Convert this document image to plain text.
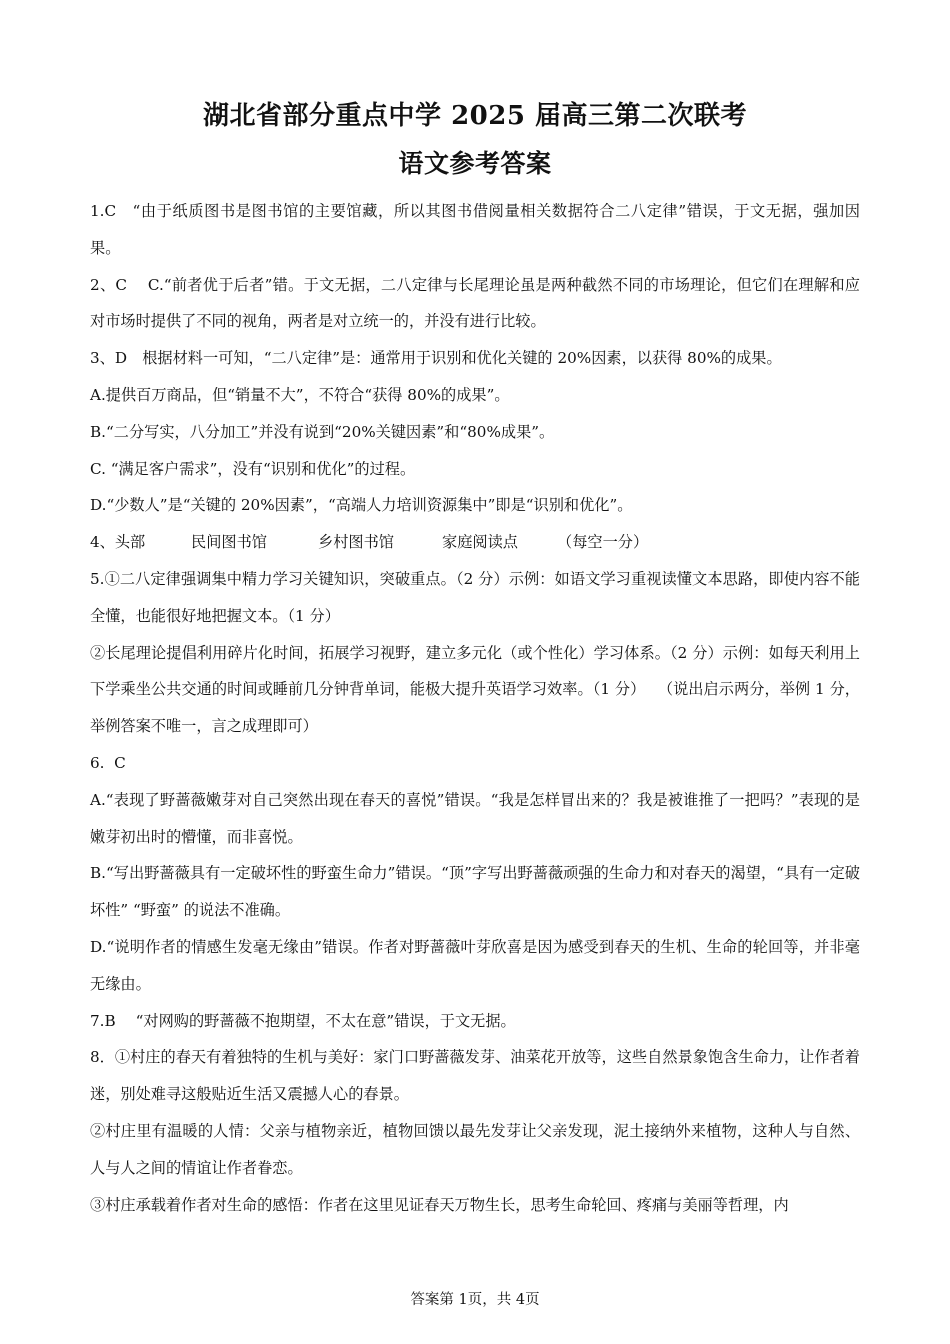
湖北省部分重点中学 2025 届高三第二次联考
语文参考答案

1.C　“由于纸质图书是图书馆的主要馆藏，所以其图书借阅量相关数据符合二八定律”错误，于文无据，强加因果。

2、C　 C.“前者优于后者”错。于文无据，二八定律与长尾理论虽是两种截然不同的市场理论，但它们在理解和应对市场时提供了不同的视角，两者是对立统一的，并没有进行比较。

3、D　根据材料一可知，“二八定律”是：通常用于识别和优化关键的 20%因素，以获得 80%的成果。

A.提供百万商品，但“销量不大”，不符合“获得 80%的成果”。

B.“二分写实，八分加工”并没有说到“20%关键因素”和“80%成果”。

C. “满足客户需求”，没有“识别和优化”的过程。

D.“少数人”是“关键的 20%因素”，“高端人力培训资源集中”即是“识别和优化”。

4、头部	民间图书馆	乡村图书馆	家庭阅读点	（每空一分）

5.①二八定律强调集中精力学习关键知识，突破重点。（2 分）示例：如语文学习重视读懂文本思路，即使内容不能全懂，也能很好地把握文本。（1 分）

②长尾理论提倡利用碎片化时间，拓展学习视野，建立多元化（或个性化）学习体系。（2 分）示例：如每天利用上下学乘坐公共交通的时间或睡前几分钟背单词，能极大提升英语学习效率。（1 分）　 （说出启示两分，举例 1 分，举例答案不唯一，言之成理即可）

6.  C

A.“表现了野蔷薇嫩芽对自己突然出现在春天的喜悦”错误。“我是怎样冒出来的？我是被谁推了一把吗？”表现的是嫩芽初出时的懵懂，而非喜悦。

B.“写出野蔷薇具有一定破坏性的野蛮生命力”错误。“顶”字写出野蔷薇顽强的生命力和对春天的渴望，“具有一定破坏性” “野蛮” 的说法不准确。

D.“说明作者的情感生发毫无缘由”错误。作者对野蔷薇叶芽欣喜是因为感受到春天的生机、生命的轮回等，并非毫无缘由。

7.B　 “对网购的野蔷薇不抱期望，不太在意”错误，于文无据。

8．①村庄的春天有着独特的生机与美好：家门口野蔷薇发芽、油菜花开放等，这些自然景象饱含生命力，让作者着迷，别处难寻这般贴近生活又震撼人心的春景。

②村庄里有温暖的人情：父亲与植物亲近，植物回馈以最先发芽让父亲发现，泥土接纳外来植物，这种人与自然、人与人之间的情谊让作者眷恋。

③村庄承载着作者对生命的感悟：作者在这里见证春天万物生长，思考生命轮回、疼痛与美丽等哲理，内

答案第 1页，共 4页
